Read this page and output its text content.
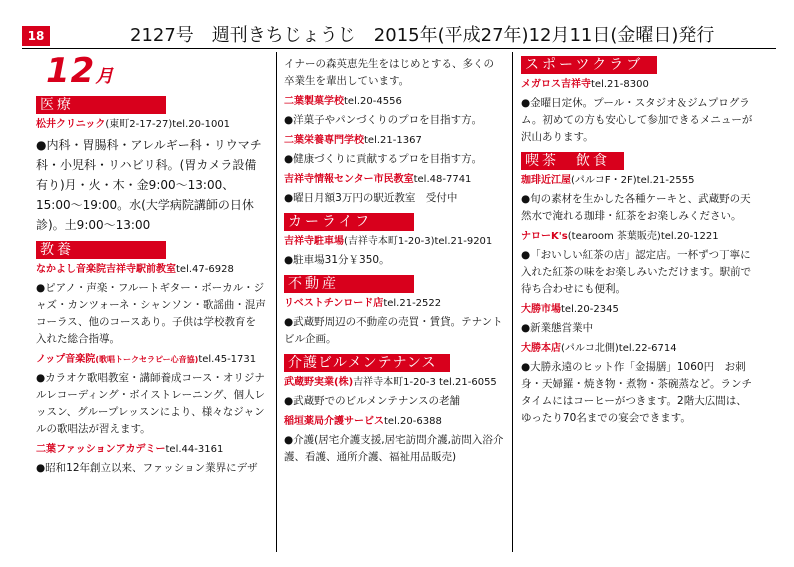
18	2127号　週刊きちじょうじ　2015年(平成27年)12月11日(金曜日)発行
12月
医療
松井クリニック(東町2-17-27)tel.20-1001

●内科・胃腸科・アレルギー科・リウマチ科・小児科・リハビリ科。(胃カメラ設備有り)月・火・木・金9:00～13:00、15:00～19:00。水(大学病院講師の日休診)。土9:00～13:00

教養
なかよし音楽院吉祥寺駅前教室tel.47-6928

●ピアノ・声楽・フルートギター・ボーカル・ジャズ・カンツォーネ・シャンソン・歌謡曲・混声コーラス、他のコースあり。子供は学校教育を入れた総合指導。

ノップ音楽院(歌唱トークセラピー心音協)tel.45-1731

●カラオケ歌唱教室・講師養成コース・オリジナルレコーディング・ボイストレーニング、個人レッスン、グループレッスンにより、様々なジャンルの歌唱法が習えます。

二葉ファッションアカデミーtel.44-3161

●昭和12年創立以来、ファッション業界にデザ

イナーの森英恵先生をはじめとする、多くの卒業生を輩出しています。

二葉製菓学校tel.20-4556

●洋菓子やパンづくりのプロを目指す方。

二葉栄養専門学校tel.21-1367

●健康づくりに貢献するプロを目指す方。

吉祥寺情報センター市民教室tel.48-7741

●曜日月額3万円の駅近教室　受付中

カーライフ
吉祥寺駐車場(吉祥寺本町1-20-3)tel.21-9201

●駐車場31分￥350。

不動産
リベストチンロード店tel.21-2522

●武蔵野周辺の不動産の売買・賃貸。テナントビル企画。

介護ビルメンテナンス
武蔵野実業(株)吉祥寺本町1-20-3 tel.21-6055

●武蔵野でのビルメンテナンスの老舗

稲垣薬局介護サービスtel.20-6388

●介護(居宅介護支援,居宅訪問介護,訪問入浴介護、看護、通所介護、福祉用品販売)

スポーツクラブ
メガロス吉祥寺tel.21-8300

●金曜日定休。プール・スタジオ＆ジムプログラム。初めての方も安心して参加できるメニューが沢山あります。

喫茶　飲食
珈琲近江屋(パルコF・2F)tel.21-2555

●旬の素材を生かした各種ケーキと、武蔵野の天然水で淹れる珈琲・紅茶をお楽しみください。

ナローK's(tearoom 茶葉販売)tel.20-1221

●「おいしい紅茶の店」認定店。一杯ずつ丁寧に入れた紅茶の味をお楽しみいただけます。駅前で待ち合わせにも便利。

大勝市場tel.20-2345

●新業態営業中

大勝本店(パルコ北側)tel.22-6714

●大勝永遠のヒット作「金揚膳」1060円　お刺身・天婦羅・焼き物・煮物・茶碗蒸など。ランチタイムにはコーヒーがつきます。2階大広間は、ゆったり70名までの宴会できます。
